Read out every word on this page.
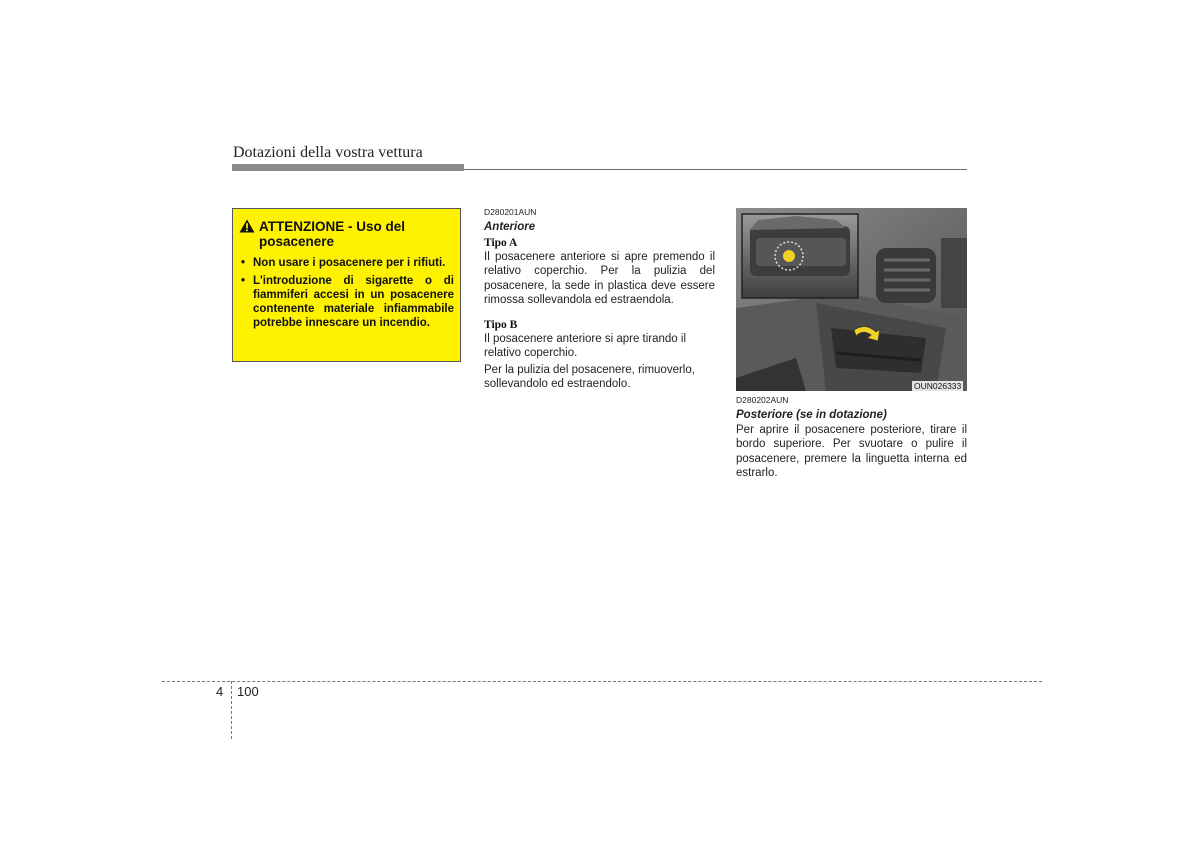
Dotazioni della vostra vettura
ATTENZIONE - Uso del posacenere
• Non usare i posacenere per i rifiuti.
• L'introduzione di sigarette o di fiammiferi accesi in un posacenere contenente materiale infiammabile potrebbe innescare un incendio.
D280201AUN
Anteriore
Tipo A

Il posacenere anteriore si apre premendo il relativo coperchio. Per la pulizia del posacenere, la sede in plastica deve essere rimossa sollevandola ed estraendola.

Tipo B

Il posacenere anteriore si apre tirando il relativo coperchio.

Per la pulizia del posacenere, rimuoverlo, sollevandolo ed estraendolo.	OUN026333
D280202AUN
Posteriore (se in dotazione)

Per aprire il posacenere posteriore, tirare il bordo superiore. Per svuotare o pulire il posacenere, premere la linguetta interna ed estrarlo.

4 100
